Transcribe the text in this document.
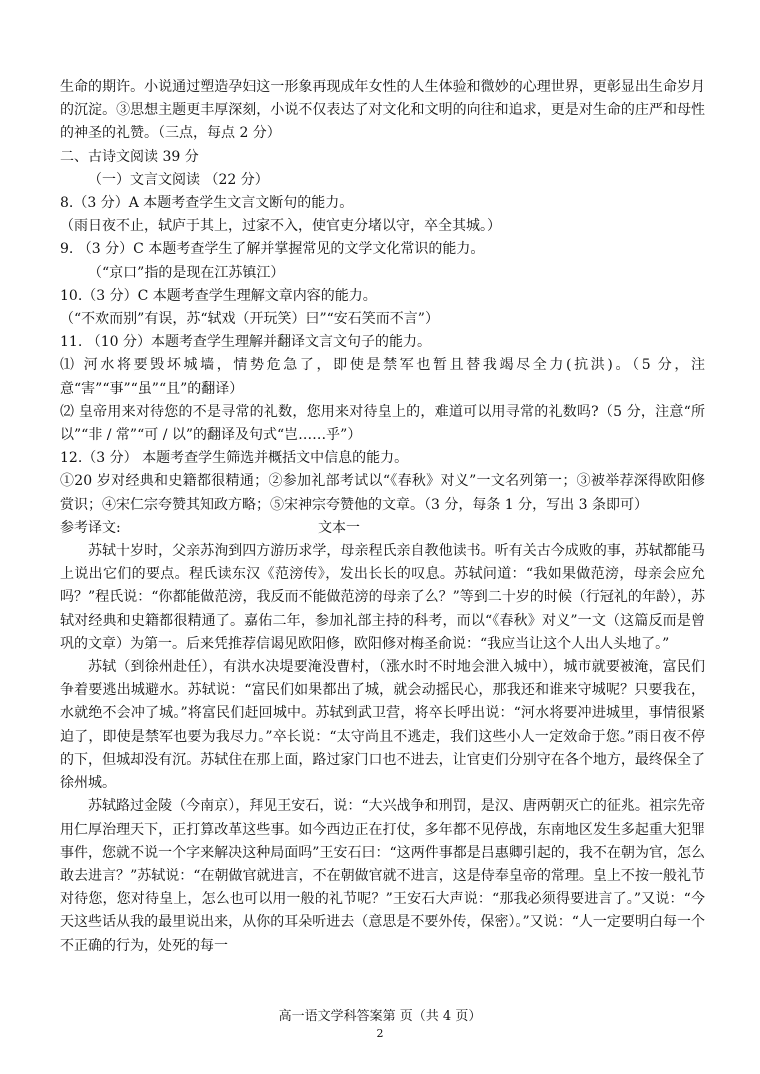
生命的期许。小说通过塑造孕妇这一形象再现成年女性的人生体验和微妙的心理世界，更彰显出生命岁月的沉淀。③思想主题更丰厚深刻，小说不仅表达了对文化和文明的向往和追求，更是对生命的庄严和母性的神圣的礼赞。（三点，每点 2 分）

二、古诗文阅读 39 分

（一）文言文阅读 （22 分）

8.（3 分）A 本题考查学生文言文断句的能力。

（雨日夜不止，轼庐于其上，过家不入，使官吏分堵以守，卒全其城。）

9. （3 分）C 本题考查学生了解并掌握常见的文学文化常识的能力。

（“京口”指的是现在江苏镇江）

10.（3 分）C 本题考查学生理解文章内容的能力。

（“不欢而别”有误，苏“轼戏（开玩笑）曰”“安石笑而不言”）

11. （10 分）本题考查学生理解并翻译文言文句子的能力。

⑴ 河水将要毁坏城墙，情势危急了，即使是禁军也暂且替我竭尽全力(抗洪)。（5 分，注意“害”“事”“虽”“且”的翻译）

⑵ 皇帝用来对待您的不是寻常的礼数，您用来对待皇上的，难道可以用寻常的礼数吗?（5 分，注意“所以”“非 / 常”“可 / 以”的翻译及句式“岂……乎”）

12.（3 分） 本题考查学生筛选并概括文中信息的能力。

①20 岁对经典和史籍都很精通；②参加礼部考试以“《春秋》对义”一文名列第一；③被举荐深得欧阳修赏识；④宋仁宗夸赞其知政方略；⑤宋神宗夸赞他的文章。（3 分，每条 1 分，写出 3 条即可）

参考译文:	文本一

苏轼十岁时，父亲苏洵到四方游历求学，母亲程氏亲自教他读书。听有关古今成败的事，苏轼都能马上说出它们的要点。程氏读东汉《范滂传》，发出长长的叹息。苏轼问道：“我如果做范滂，母亲会应允吗？”程氏说：“你都能做范滂，我反而不能做范滂的母亲了么？”等到二十岁的时候（行冠礼的年龄），苏轼对经典和史籍都很精通了。嘉佑二年，参加礼部主持的科考，而以“《春秋》对义”一文（这篇反而是曾巩的文章）为第一。后来凭推荐信谒见欧阳修，欧阳修对梅圣俞说：“我应当让这个人出人头地了。”

苏轼（到徐州赴任），有洪水决堤要淹没曹村，（涨水时不时地会泄入城中），城市就要被淹，富民们争着要逃出城避水。苏轼说：“富民们如果都出了城，就会动摇民心，那我还和谁来守城呢？只要我在，水就绝不会冲了城。”将富民们赶回城中。苏轼到武卫营，将卒长呼出说：“河水将要冲进城里，事情很紧迫了，即使是禁军也要为我尽力。”卒长说：“太守尚且不逃走，我们这些小人一定效命于您。”雨日夜不停的下，但城却没有沉。苏轼住在那上面，路过家门口也不进去，让官吏们分别守在各个地方，最终保全了徐州城。

苏轼路过金陵（今南京），拜见王安石，说：“大兴战争和刑罚，是汉、唐两朝灭亡的征兆。祖宗先帝用仁厚治理天下，正打算改革这些事。如今西边正在打仗，多年都不见停战，东南地区发生多起重大犯罪事件，您就不说一个字来解决这种局面吗”王安石曰：“这两件事都是吕惠卿引起的，我不在朝为官，怎么敢去进言？”苏轼说：“在朝做官就进言，不在朝做官就不进言，这是侍奉皇帝的常理。皇上不按一般礼节对待您，您对待皇上，怎么也可以用一般的礼节呢？”王安石大声说：“那我必须得要进言了。”又说：“今天这些话从我的最里说出来，从你的耳朵听进去（意思是不要外传，保密）。”又说：“人一定要明白每一个不正确的行为，处死的每一

高一语文学科答案第 页（共 4 页）
2
